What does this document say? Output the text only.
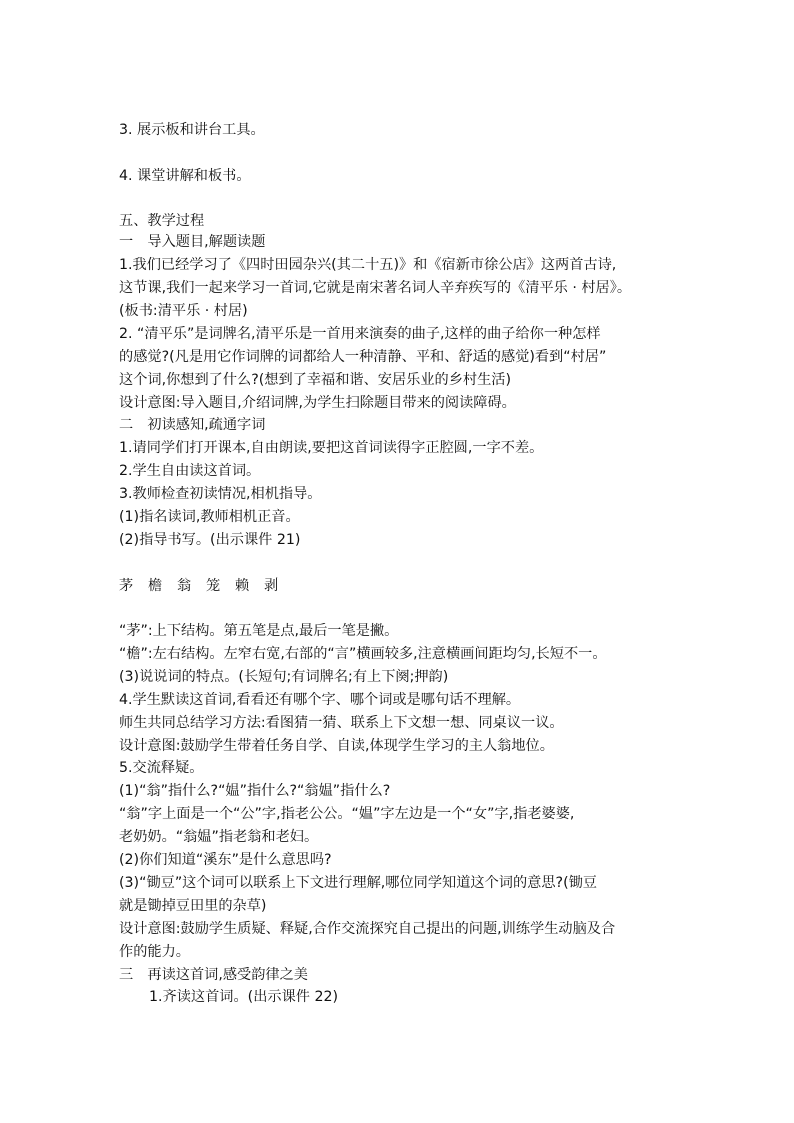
3. 展示板和讲台工具。
4. 课堂讲解和板书。
五、教学过程
一　导入题目,解题读题
1.我们已经学习了《四时田园杂兴(其二十五)》和《宿新市徐公店》这两首古诗,
这节课,我们一起来学习一首词,它就是南宋著名词人辛弃疾写的《清平乐 · 村居》。
(板书:清平乐 · 村居)
2. “清平乐”是词牌名,清平乐是一首用来演奏的曲子,这样的曲子给你一种怎样
的感觉?(凡是用它作词牌的词都给人一种清静、平和、舒适的感觉)看到“村居”
这个词,你想到了什么?(想到了幸福和谐、安居乐业的乡村生活)
设计意图:导入题目,介绍词牌,为学生扫除题目带来的阅读障碍。
二　初读感知,疏通字词
1.请同学们打开课本,自由朗读,要把这首词读得字正腔圆,一字不差。
2.学生自由读这首词。
3.教师检查初读情况,相机指导。
(1)指名读词,教师相机正音。
(2)指导书写。(出示课件 21)
茅 檐 翁 笼 赖 剥
“茅”:上下结构。第五笔是点,最后一笔是撇。
“檐”:左右结构。左窄右宽,右部的“言”横画较多,注意横画间距均匀,长短不一。
(3)说说词的特点。(长短句;有词牌名;有上下阕;押韵)
4.学生默读这首词,看看还有哪个字、哪个词或是哪句话不理解。
师生共同总结学习方法:看图猜一猜、联系上下文想一想、同桌议一议。
设计意图:鼓励学生带着任务自学、自读,体现学生学习的主人翁地位。
5.交流释疑。
(1)“翁”指什么?“媪”指什么?“翁媪”指什么?
“翁”字上面是一个“公”字,指老公公。“媪”字左边是一个“女”字,指老婆婆,
老奶奶。“翁媪”指老翁和老妇。
(2)你们知道“溪东”是什么意思吗?
(3)“锄豆”这个词可以联系上下文进行理解,哪位同学知道这个词的意思?(锄豆
就是锄掉豆田里的杂草)
设计意图:鼓励学生质疑、释疑,合作交流探究自己提出的问题,训练学生动脑及合
作的能力。
三　再读这首词,感受韵律之美
1.齐读这首词。(出示课件 22)
